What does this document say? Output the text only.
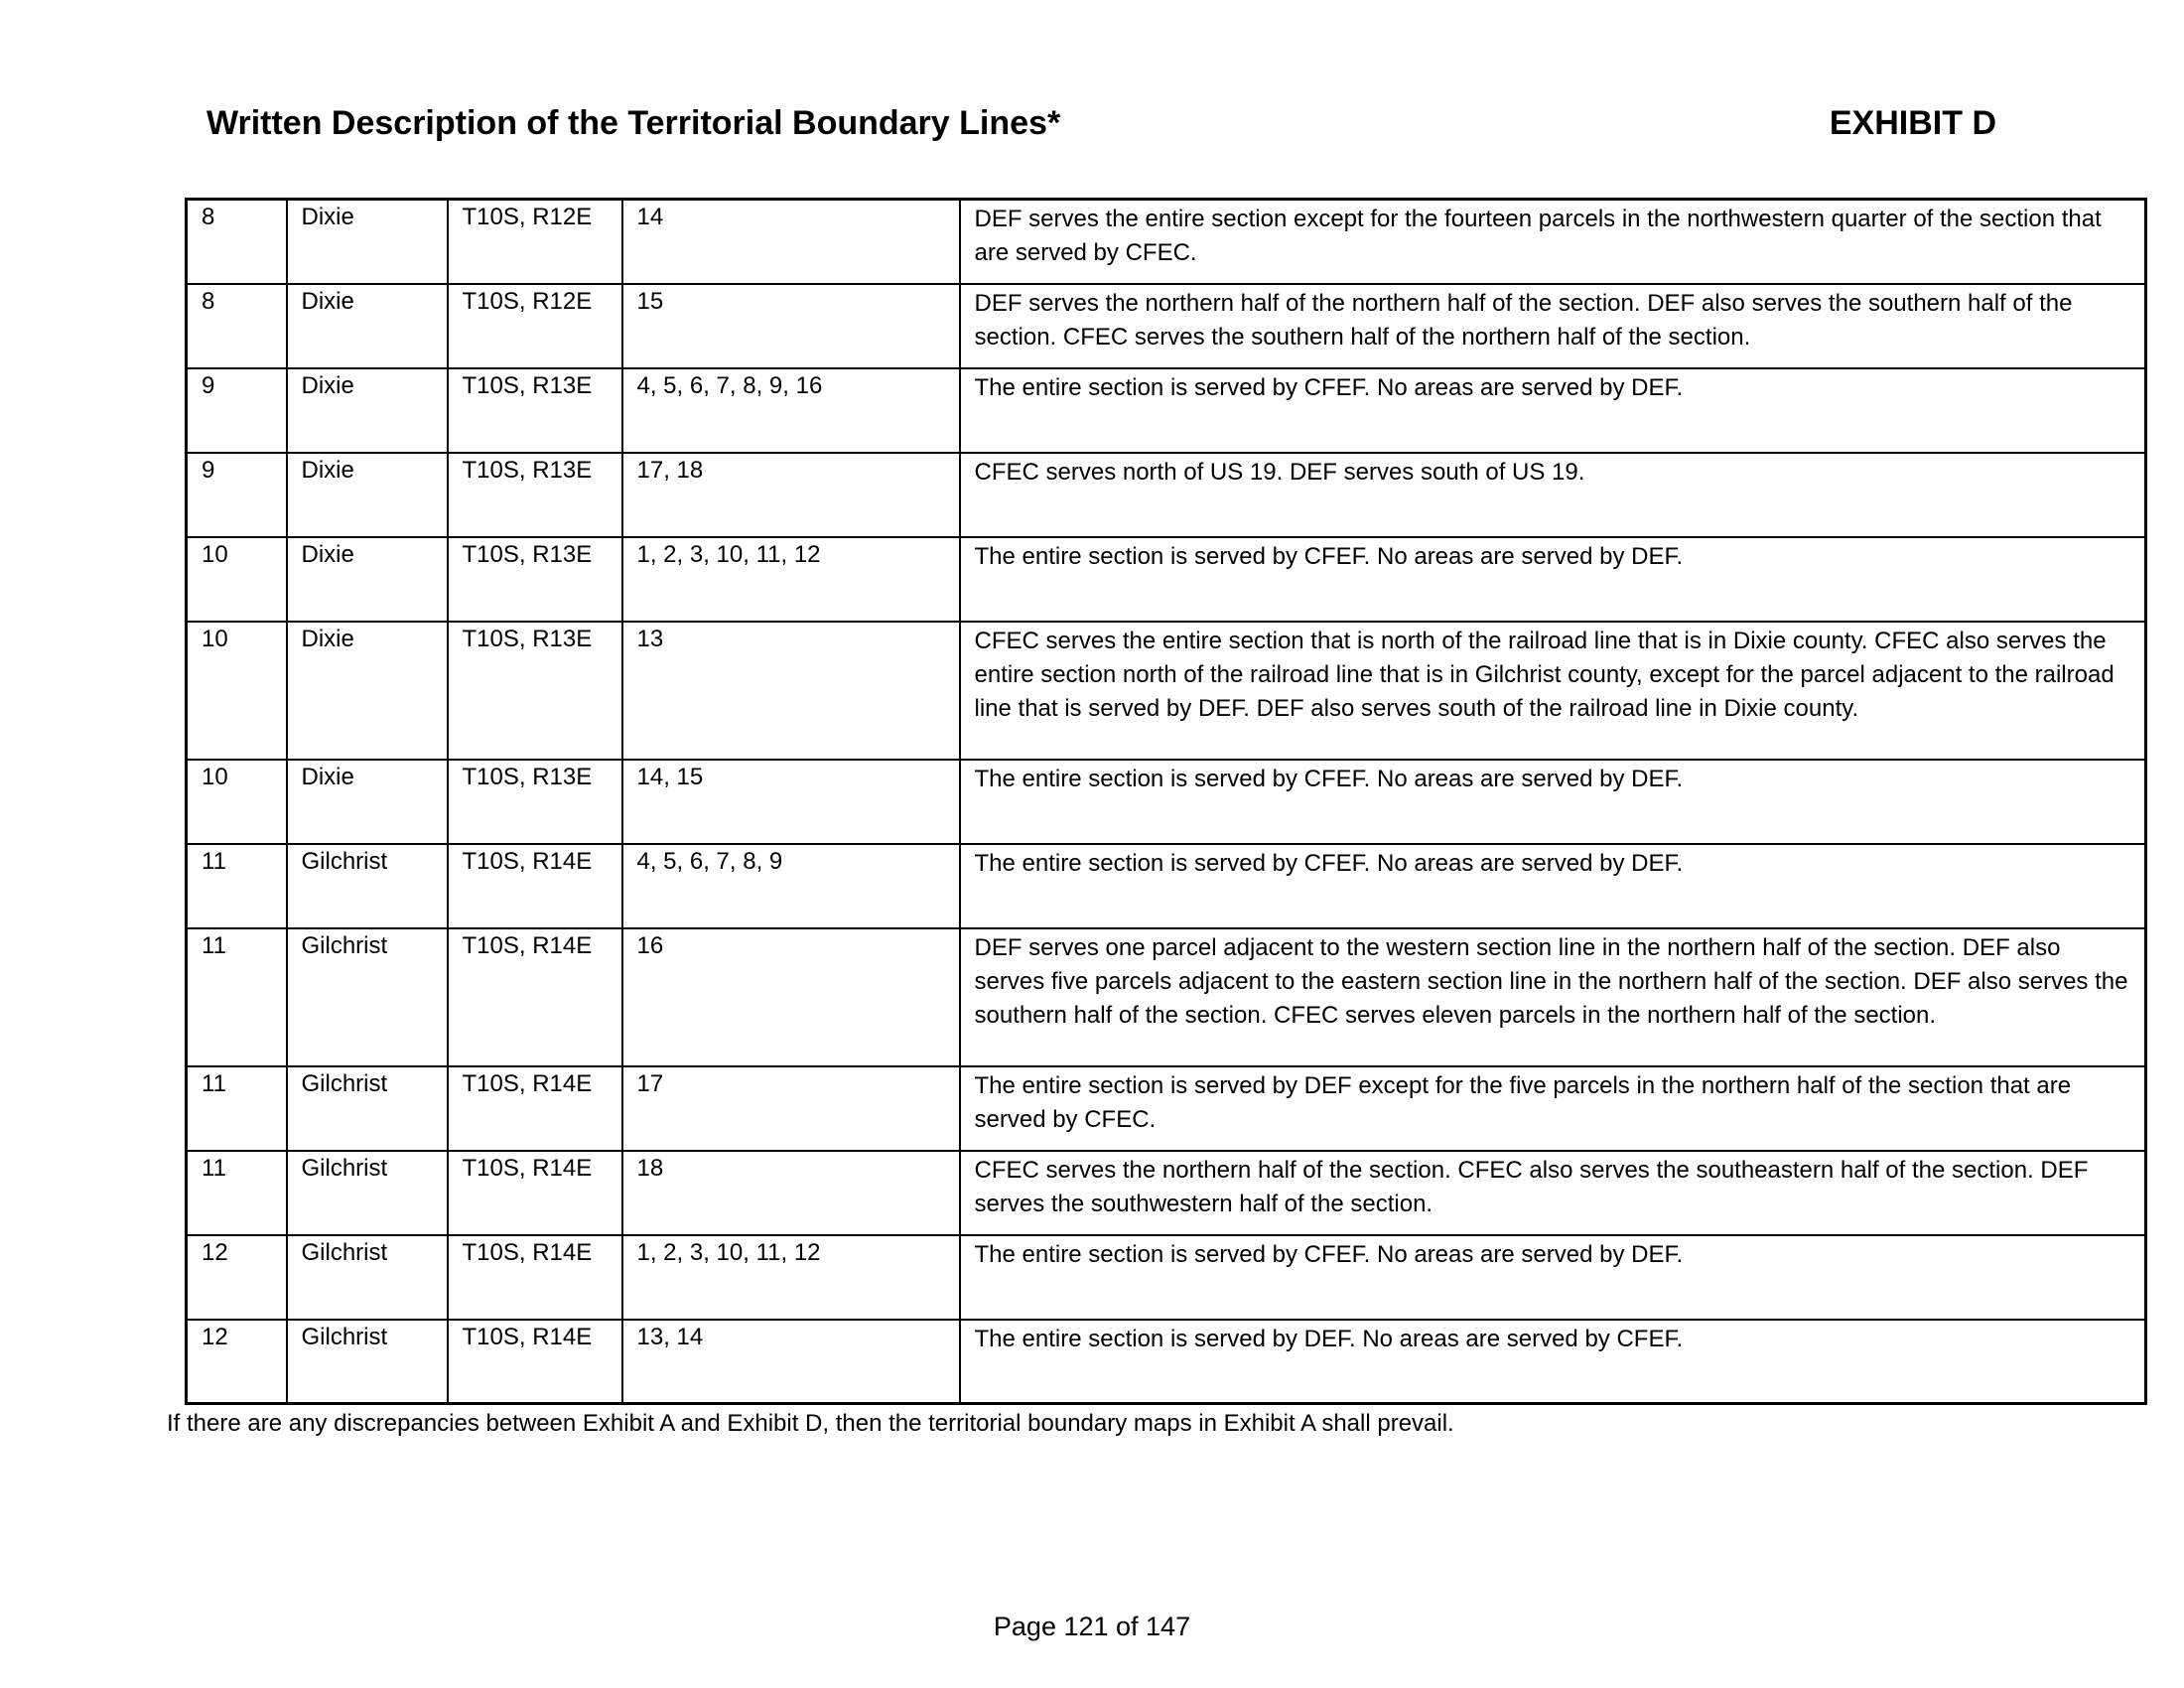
Written Description of the Territorial Boundary Lines*	EXHIBIT D
8	Dixie	T10S, R12E	14	DEF serves the entire section except for the fourteen parcels in the northwestern quarter of the section that are served by CFEC.

8	Dixie	T10S, R12E	15	DEF serves the northern half of the northern half of the section. DEF also serves the southern half of the section. CFEC serves the southern half of the northern half of the section.

9	Dixie	T10S, R13E	4, 5, 6, 7, 8, 9, 16	The entire section is served by CFEF. No areas are served by DEF.

9	Dixie	T10S, R13E	17, 18	CFEC serves north of US 19. DEF serves south of US 19.

10	Dixie	T10S, R13E	1, 2, 3, 10, 11, 12	The entire section is served by CFEF. No areas are served by DEF.

10	Dixie	T10S, R13E	13	CFEC serves the entire section that is north of the railroad line that is in Dixie county. CFEC also serves the entire section north of the railroad line that is in Gilchrist county, except for the parcel adjacent to the railroad line that is served by DEF. DEF also serves south of the railroad line in Dixie county.

10	Dixie	T10S, R13E	14, 15	The entire section is served by CFEF. No areas are served by DEF.

11	Gilchrist	T10S, R14E	4, 5, 6, 7, 8, 9	The entire section is served by CFEF. No areas are served by DEF.

11	Gilchrist	T10S, R14E	16	DEF serves one parcel adjacent to the western section line in the northern half of the section. DEF also serves five parcels adjacent to the eastern section line in the northern half of the section. DEF also serves the southern half of the section. CFEC serves eleven parcels in the northern half of the section.

11	Gilchrist	T10S, R14E	17	The entire section is served by DEF except for the five parcels in the northern half of the section that are served by CFEC.

11	Gilchrist	T10S, R14E	18	CFEC serves the northern half of the section. CFEC also serves the southeastern half of the section. DEF serves the southwestern half of the section.

12	Gilchrist	T10S, R14E	1, 2, 3, 10, 11, 12	The entire section is served by CFEF. No areas are served by DEF.

12	Gilchrist	T10S, R14E	13, 14	The entire section is served by DEF. No areas are served by CFEF.
If there are any discrepancies between Exhibit A and Exhibit D, then the territorial boundary maps in Exhibit A shall prevail.
Page 121 of 147
